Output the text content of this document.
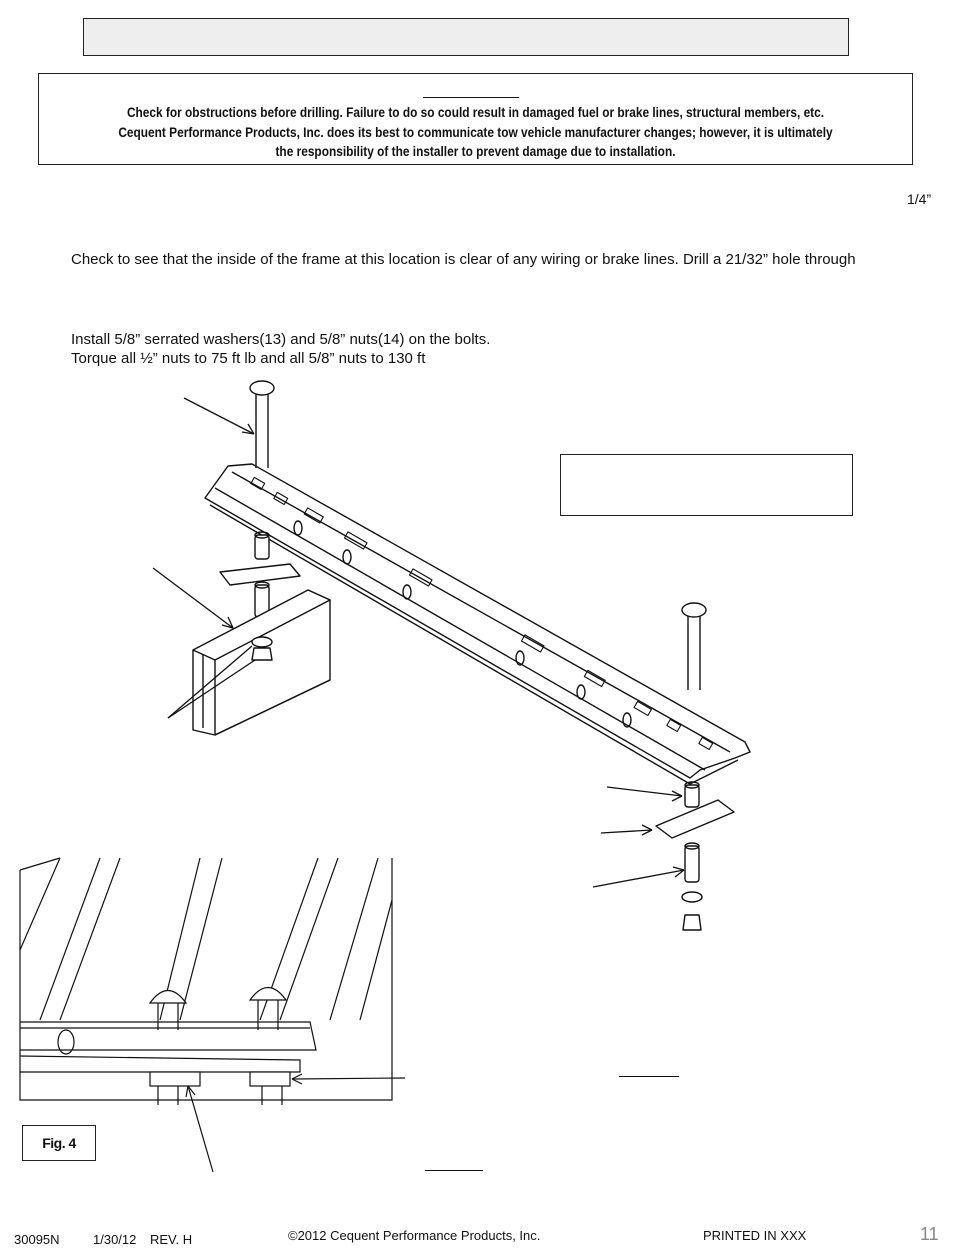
Check for obstructions before drilling. Failure to do so could result in damaged fuel or brake lines, structural members, etc.
Cequent Performance Products, Inc. does its best to communicate tow vehicle manufacturer changes; however, it is ultimately
the responsibility of the installer to prevent damage due to installation.
1/4”
Check to see that the inside of the frame at this location is clear of any wiring or brake lines. Drill a 21/32” hole through
Install 5/8” serrated washers(13) and 5/8” nuts(14) on the bolts.
Torque all ½” nuts to 75 ft lb and all 5/8” nuts to 130 ft
Fig. 4
30095N	1/30/12 REV. H	©2012 Cequent Performance Products, Inc.	PRINTED IN XXX	11
